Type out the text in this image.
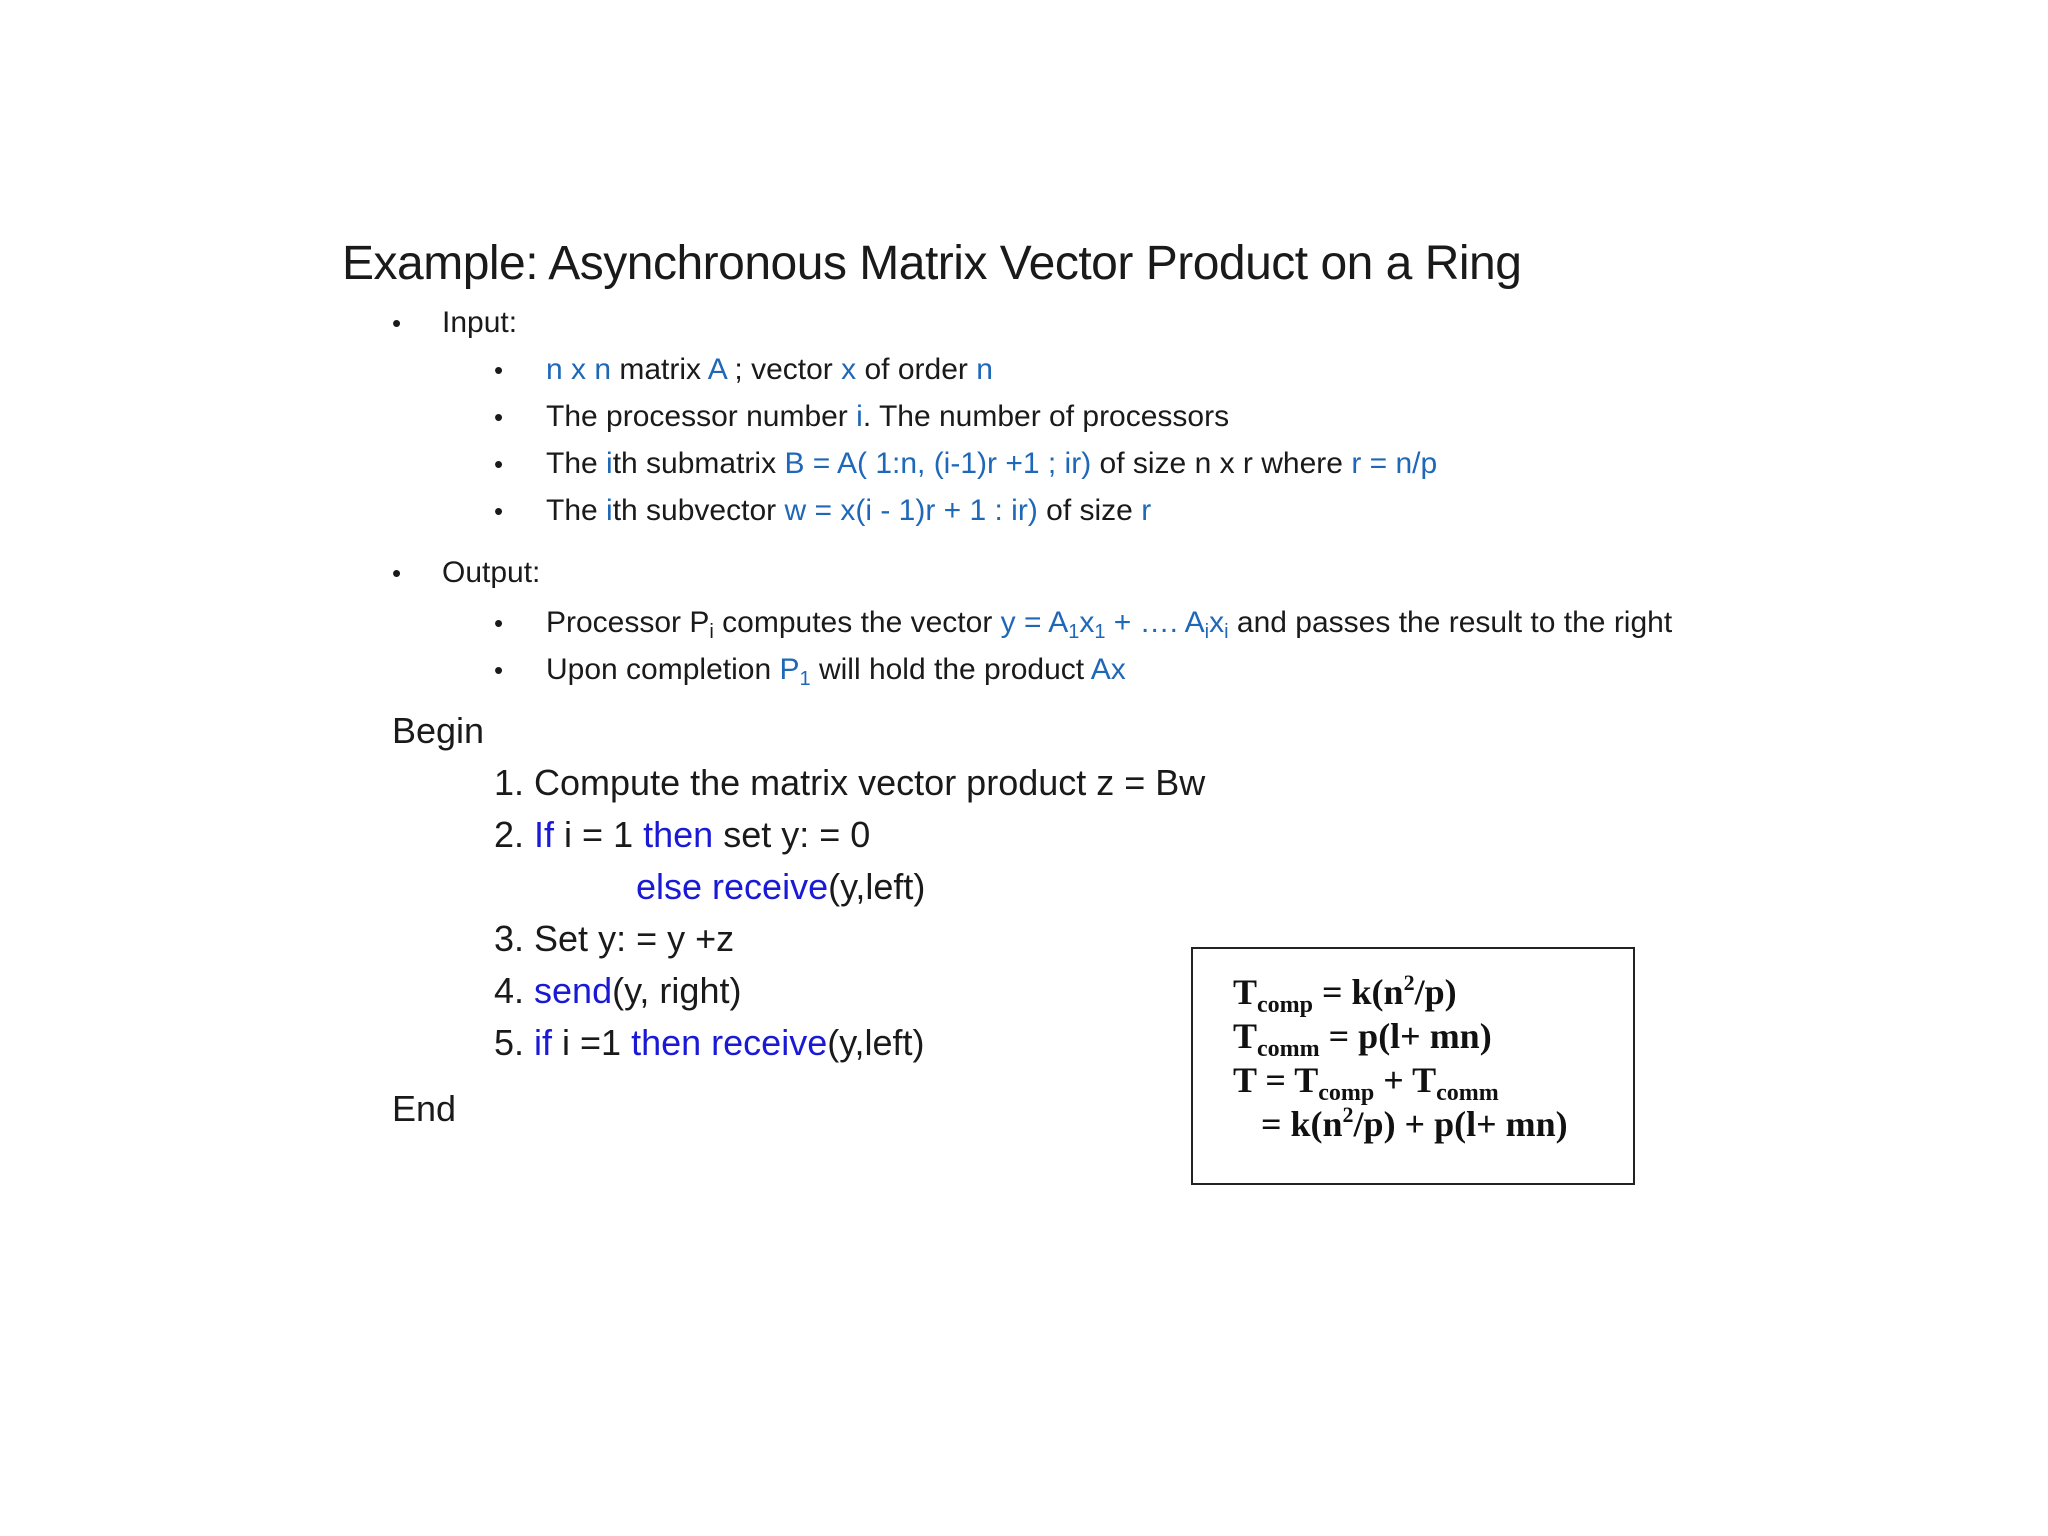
Example: Asynchronous Matrix Vector Product on a Ring
• Input:
• n x n matrix A ; vector x of order n
• The processor number i. The number of processors
• The ith submatrix B = A( 1:n, (i-1)r +1 ; ir) of size n x r where r = n/p
• The ith subvector w = x(i - 1)r + 1 : ir) of size r
• Output:
• Processor $P_i$ computes the vector $y = A_1x_1$ + …. $A_ix_i$ and passes the result to the right
• Upon completion $P_1$ will hold the product Ax
Begin
1. Compute the matrix vector product z = Bw
2. If i = 1 then set y: = 0
else receive(y,left)
3. Set y: = y +z
4. send(y, right)
5. if i =1 then receive(y,left)
End
$T_{comp} = k(n^2/p)$
$T_{comm} = p(l+ mn)$
$T = T_{comp} + T_{comm}$
= $k(n^2/p) + p(l+ mn)$
